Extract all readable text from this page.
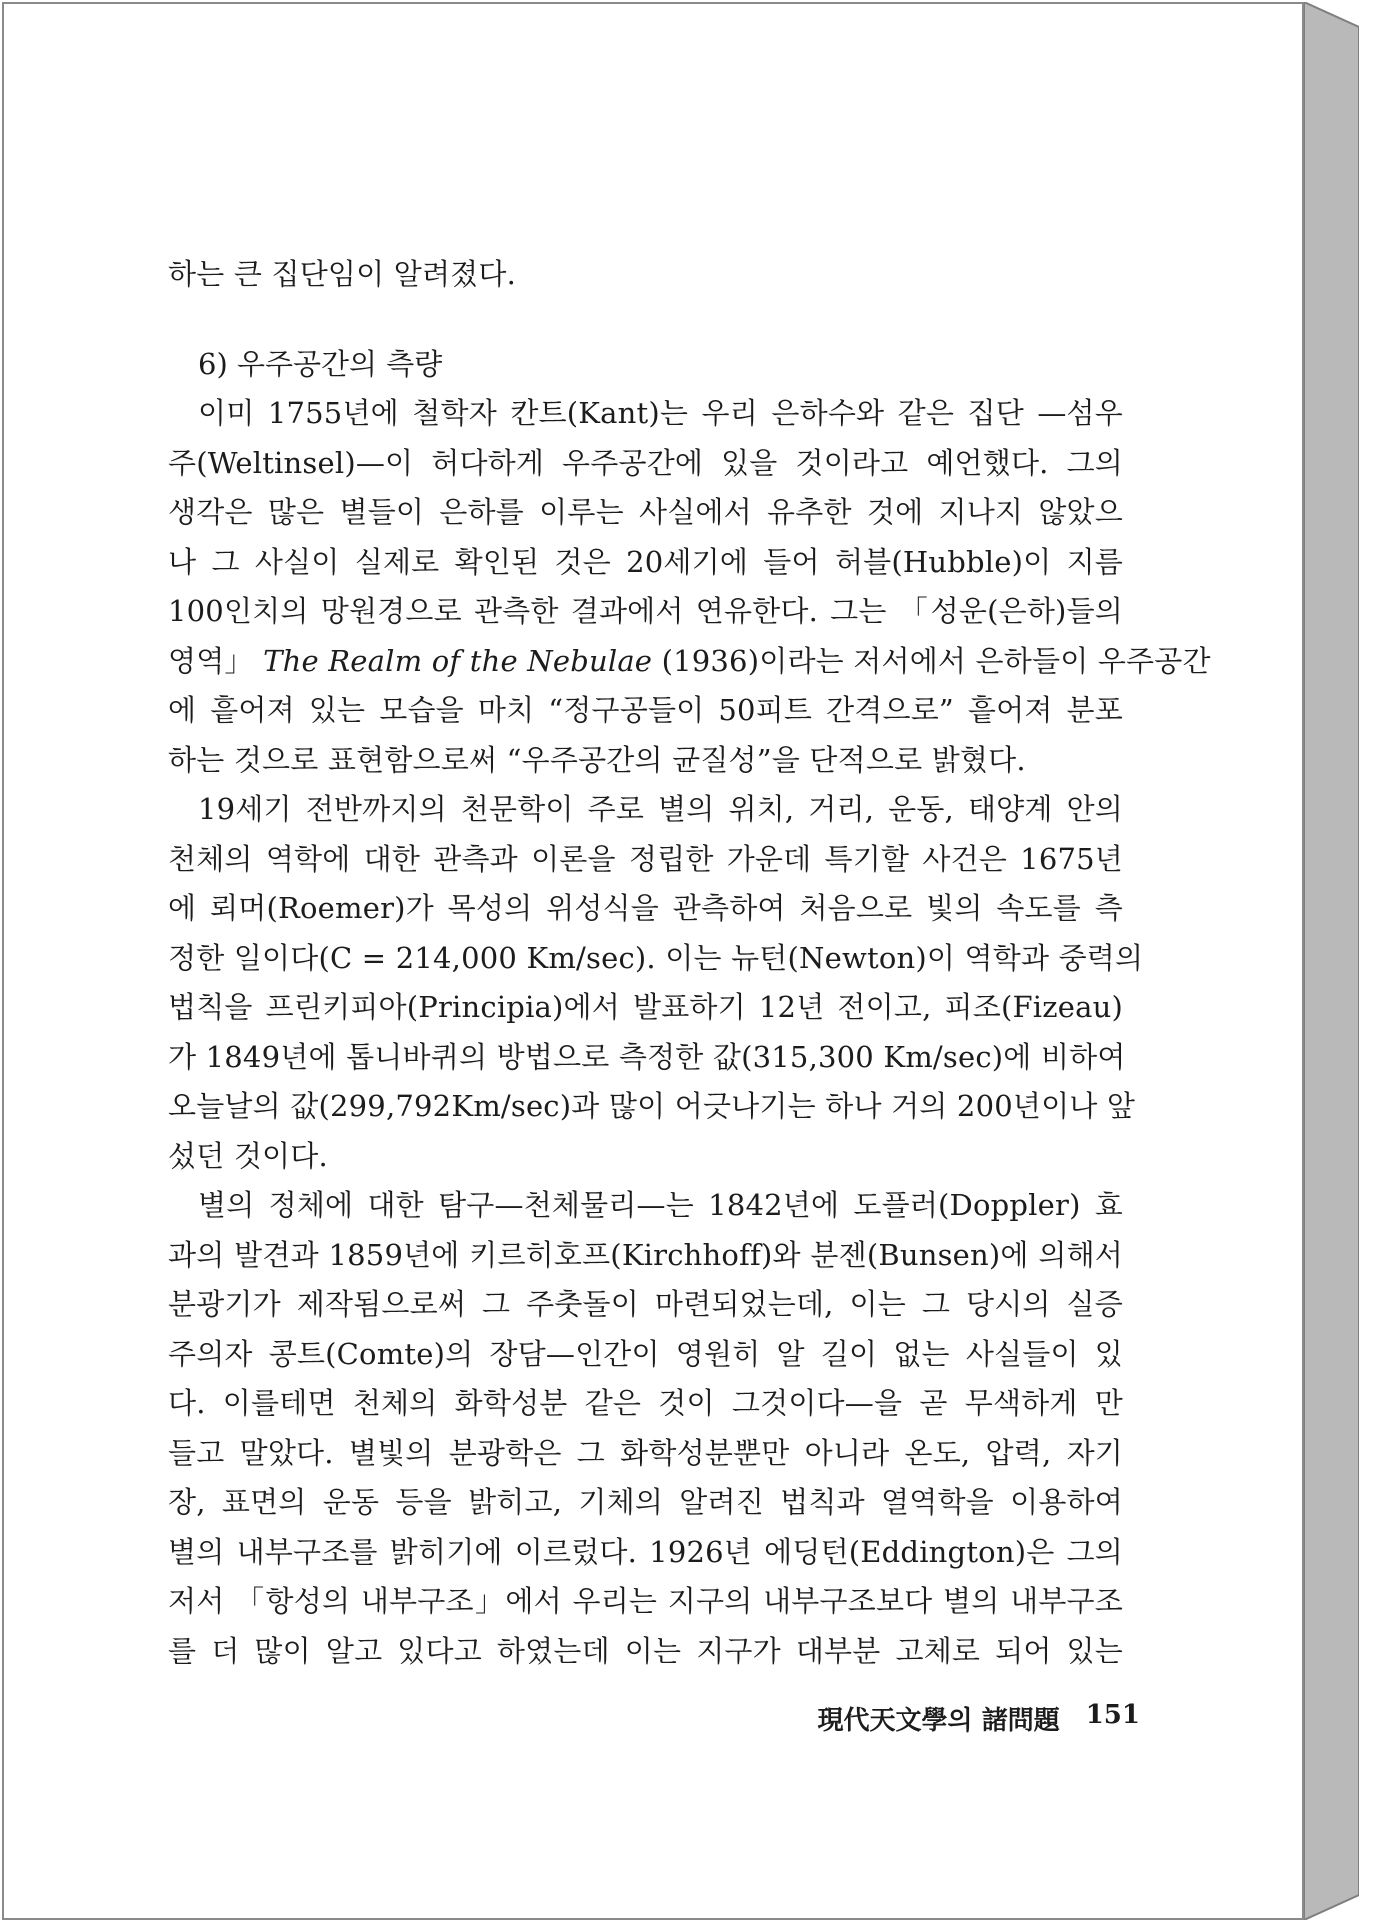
하는 큰 집단임이 알려졌다.
6) 우주공간의 측량
이미 1755년에 철학자 칸트(Kant)는 우리 은하수와 같은 집단 —섬우
주(Weltinsel)—이 허다하게 우주공간에 있을 것이라고 예언했다. 그의
생각은 많은 별들이 은하를 이루는 사실에서 유추한 것에 지나지 않았으
나 그 사실이 실제로 확인된 것은 20세기에 들어 허블(Hubble)이 지름
100인치의 망원경으로 관측한 결과에서 연유한다. 그는 「성운(은하)들의
영역」 The Realm of the Nebulae (1936)이라는 저서에서 은하들이 우주공간
에 흩어져 있는 모습을 마치 “정구공들이 50피트 간격으로” 흩어져 분포
하는 것으로 표현함으로써 “우주공간의 균질성”을 단적으로 밝혔다.
19세기 전반까지의 천문학이 주로 별의 위치, 거리, 운동, 태양계 안의
천체의 역학에 대한 관측과 이론을 정립한 가운데 특기할 사건은 1675년
에 뢰머(Roemer)가 목성의 위성식을 관측하여 처음으로 빛의 속도를 측
정한 일이다(C = 214,000 Km/sec). 이는 뉴턴(Newton)이 역학과 중력의
법칙을 프린키피아(Principia)에서 발표하기 12년 전이고, 피조(Fizeau)
가 1849년에 톱니바퀴의 방법으로 측정한 값(315,300 Km/sec)에 비하여
오늘날의 값(299,792Km/sec)과 많이 어긋나기는 하나 거의 200년이나 앞
섰던 것이다.
별의 정체에 대한 탐구—천체물리—는 1842년에 도플러(Doppler) 효
과의 발견과 1859년에 키르히호프(Kirchhoff)와 분젠(Bunsen)에 의해서
분광기가 제작됨으로써 그 주춧돌이 마련되었는데, 이는 그 당시의 실증
주의자 콩트(Comte)의 장담—인간이 영원히 알 길이 없는 사실들이 있
다. 이를테면 천체의 화학성분 같은 것이 그것이다—을 곧 무색하게 만
들고 말았다. 별빛의 분광학은 그 화학성분뿐만 아니라 온도, 압력, 자기
장, 표면의 운동 등을 밝히고, 기체의 알려진 법칙과 열역학을 이용하여
별의 내부구조를 밝히기에 이르렀다. 1926년 에딩턴(Eddington)은 그의
저서 「항성의 내부구조」에서 우리는 지구의 내부구조보다 별의 내부구조
를 더 많이 알고 있다고 하였는데 이는 지구가 대부분 고체로 되어 있는
現代天文學의 諸問題 151
